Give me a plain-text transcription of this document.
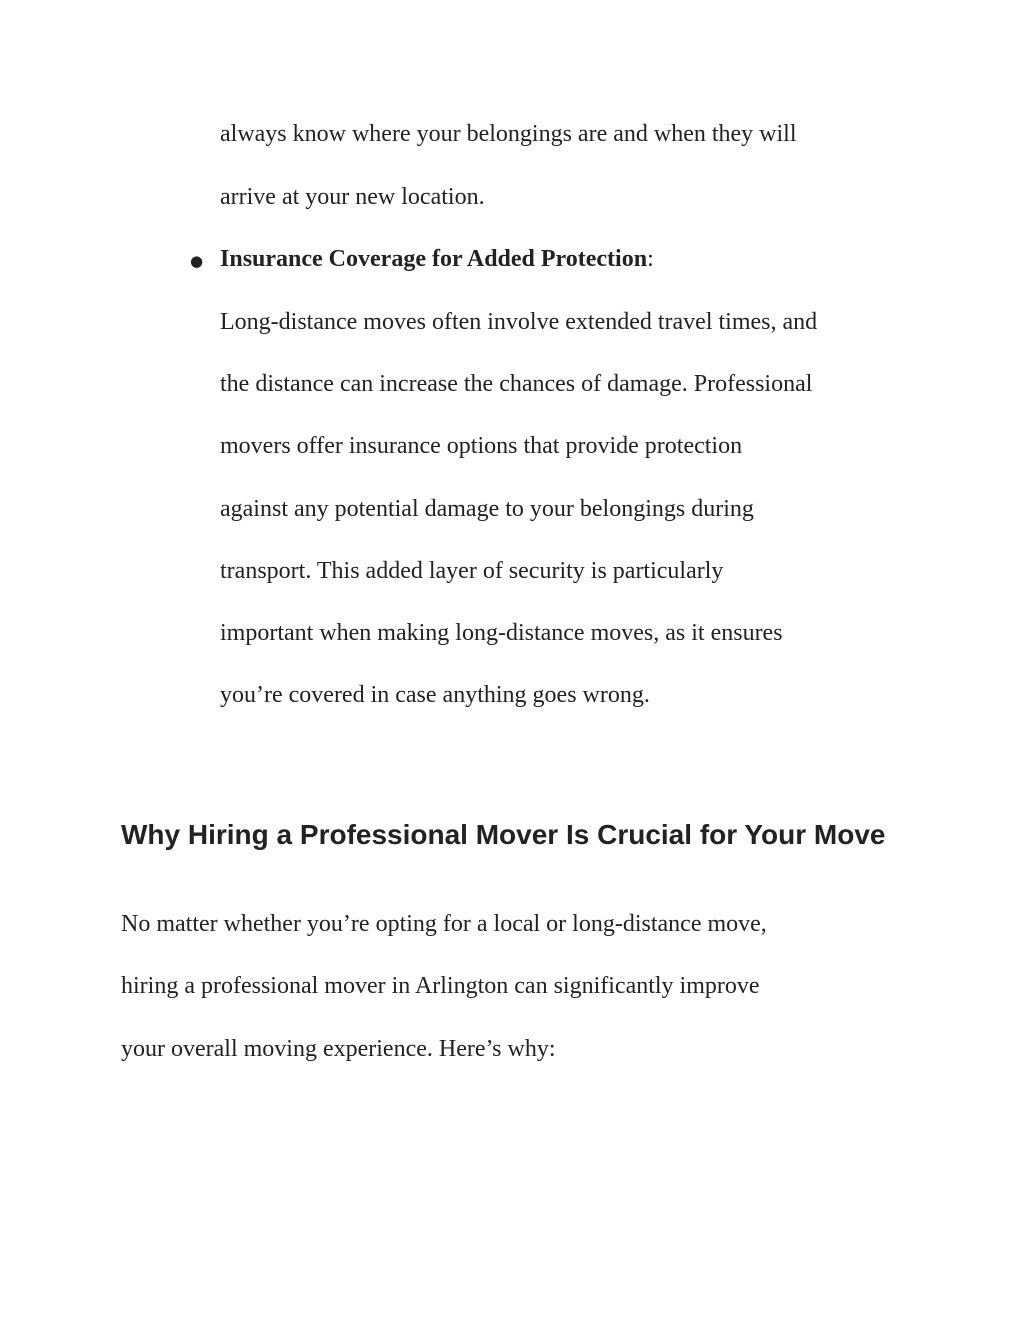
always know where your belongings are and when they will
arrive at your new location.
● Insurance Coverage for Added Protection:
Long-distance moves often involve extended travel times, and
the distance can increase the chances of damage. Professional
movers offer insurance options that provide protection
against any potential damage to your belongings during
transport. This added layer of security is particularly
important when making long-distance moves, as it ensures
you’re covered in case anything goes wrong.
Why Hiring a Professional Mover Is Crucial for Your Move
No matter whether you’re opting for a local or long-distance move,
hiring a professional mover in Arlington can significantly improve
your overall moving experience. Here’s why:
